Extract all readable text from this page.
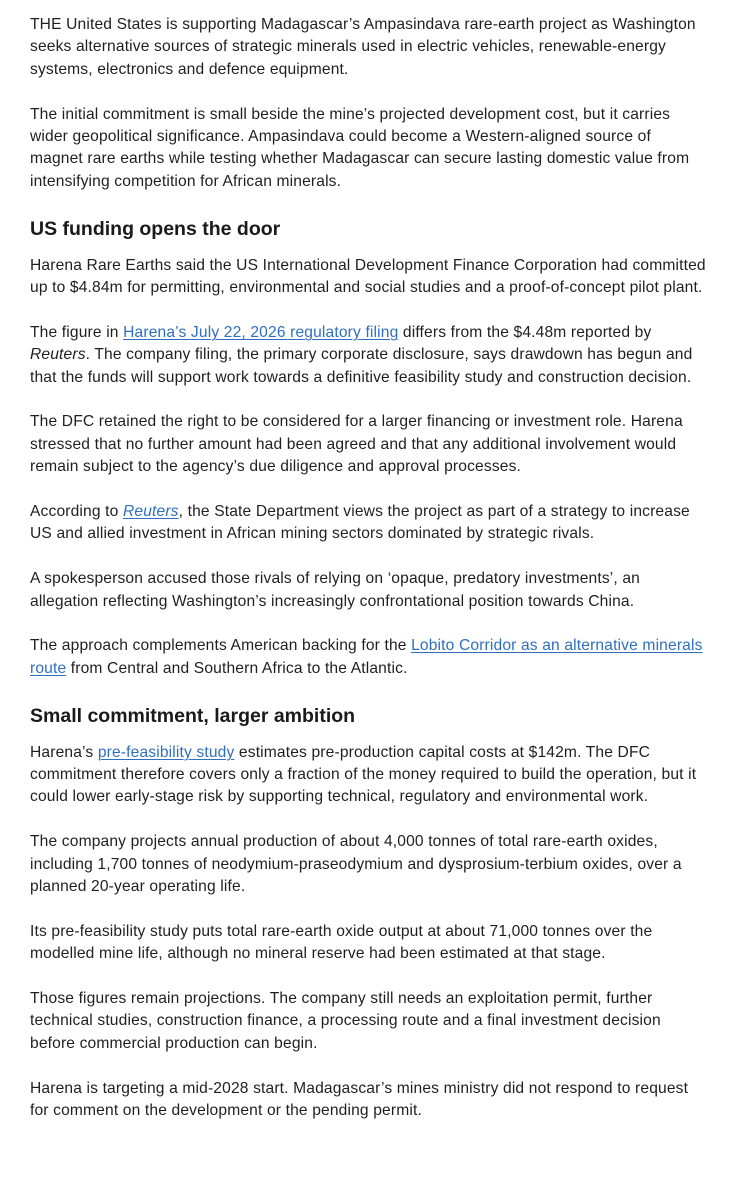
THE United States is supporting Madagascar’s Ampasindava rare-earth project as Washington seeks alternative sources of strategic minerals used in electric vehicles, renewable-energy systems, electronics and defence equipment.

The initial commitment is small beside the mine’s projected development cost, but it carries wider geopolitical significance. Ampasindava could become a Western-aligned source of magnet rare earths while testing whether Madagascar can secure lasting domestic value from intensifying competition for African minerals.

US funding opens the door

Harena Rare Earths said the US International Development Finance Corporation had committed up to $4.84m for permitting, environmental and social studies and a proof-of-concept pilot plant.

The figure in Harena’s July 22, 2026 regulatory filing differs from the $4.48m reported by Reuters. The company filing, the primary corporate disclosure, says drawdown has begun and that the funds will support work towards a definitive feasibility study and construction decision.

The DFC retained the right to be considered for a larger financing or investment role. Harena stressed that no further amount had been agreed and that any additional involvement would remain subject to the agency’s due diligence and approval processes.

According to Reuters, the State Department views the project as part of a strategy to increase US and allied investment in African mining sectors dominated by strategic rivals.

A spokesperson accused those rivals of relying on ‘opaque, predatory investments’, an allegation reflecting Washington’s increasingly confrontational position towards China.

The approach complements American backing for the Lobito Corridor as an alternative minerals route from Central and Southern Africa to the Atlantic.

Small commitment, larger ambition

Harena’s pre-feasibility study estimates pre-production capital costs at $142m. The DFC commitment therefore covers only a fraction of the money required to build the operation, but it could lower early-stage risk by supporting technical, regulatory and environmental work.

The company projects annual production of about 4,000 tonnes of total rare-earth oxides, including 1,700 tonnes of neodymium-praseodymium and dysprosium-terbium oxides, over a planned 20-year operating life.

Its pre-feasibility study puts total rare-earth oxide output at about 71,000 tonnes over the modelled mine life, although no mineral reserve had been estimated at that stage.

Those figures remain projections. The company still needs an exploitation permit, further technical studies, construction finance, a processing route and a final investment decision before commercial production can begin.

Harena is targeting a mid-2028 start. Madagascar’s mines ministry did not respond to request for comment on the development or the pending permit.
